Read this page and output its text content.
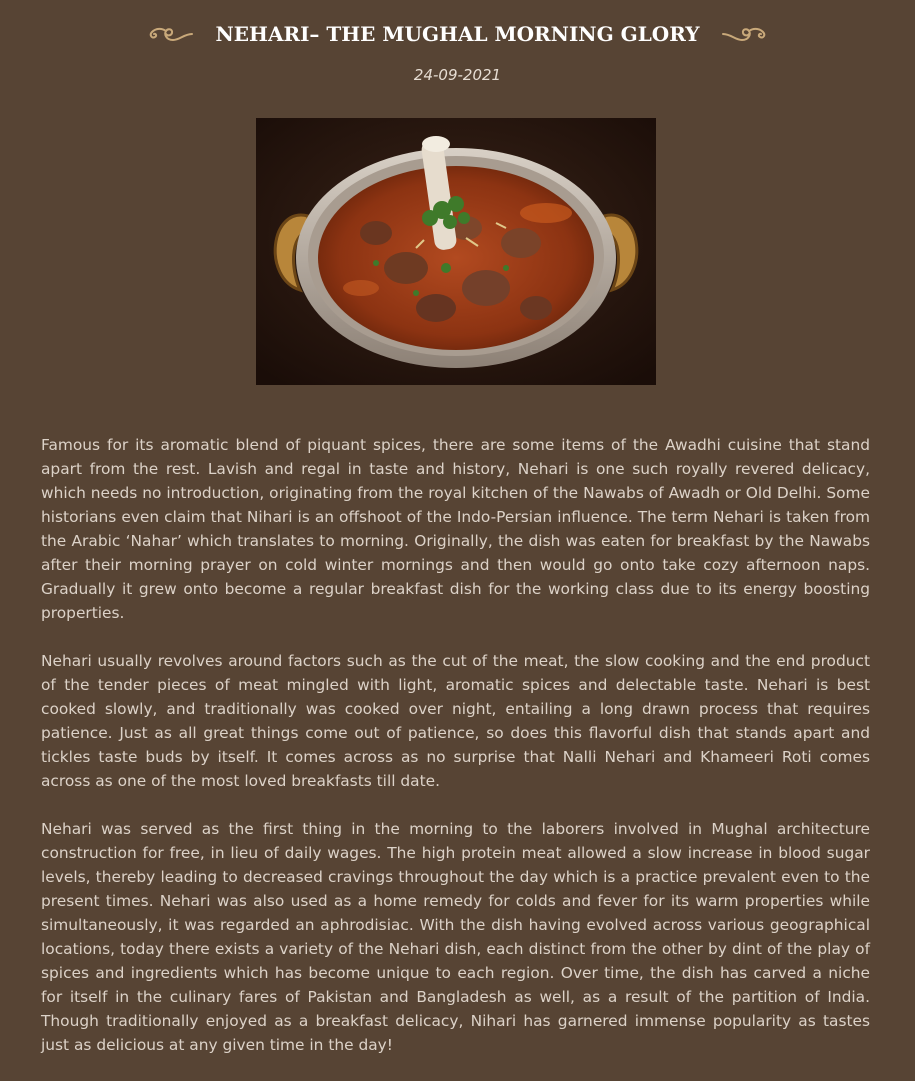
NEHARI– THE MUGHAL MORNING GLORY
24-09-2021

Famous for its aromatic blend of piquant spices, there are some items of the Awadhi cuisine that stand apart from the rest. Lavish and regal in taste and history, Nehari is one such royally revered delicacy, which needs no introduction, originating from the royal kitchen of the Nawabs of Awadh or Old Delhi. Some historians even claim that Nihari is an offshoot of the Indo-Persian influence. The term Nehari is taken from the Arabic ‘Nahar’ which translates to morning. Originally, the dish was eaten for breakfast by the Nawabs after their morning prayer on cold winter mornings and then would go onto take cozy afternoon naps. Gradually it grew onto become a regular breakfast dish for the working class due to its energy boosting properties.

Nehari usually revolves around factors such as the cut of the meat, the slow cooking and the end product of the tender pieces of meat mingled with light, aromatic spices and delectable taste. Nehari is best cooked slowly, and traditionally was cooked over night, entailing a long drawn process that requires patience. Just as all great things come out of patience, so does this flavorful dish that stands apart and tickles taste buds by itself. It comes across as no surprise that Nalli Nehari and Khameeri Roti comes across as one of the most loved breakfasts till date.

Nehari was served as the first thing in the morning to the laborers involved in Mughal architecture construction for free, in lieu of daily wages. The high protein meat allowed a slow increase in blood sugar levels, thereby leading to decreased cravings throughout the day which is a practice prevalent even to the present times. Nehari was also used as a home remedy for colds and fever for its warm properties while simultaneously, it was regarded an aphrodisiac. With the dish having evolved across various geographical locations, today there exists a variety of the Nehari dish, each distinct from the other by dint of the play of spices and ingredients which has become unique to each region. Over time, the dish has carved a niche for itself in the culinary fares of Pakistan and Bangladesh as well, as a result of the partition of India. Though traditionally enjoyed as a breakfast delicacy, Nihari has garnered immense popularity as tastes just as delicious at any given time in the day!
